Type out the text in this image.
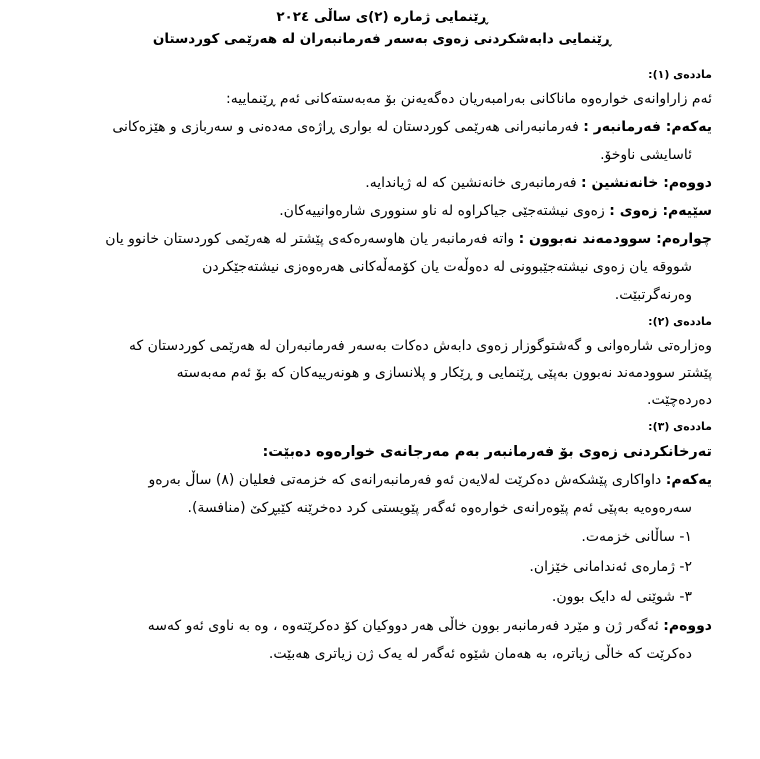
ڕێنمایی ژمارە (٢)ی ساڵی ٢٠٢٤
ڕێنمایی دابەشکردنی زەوی بەسەر فەرمانبەران لە هەرێمی کوردستان
ماددەی (١):
ئەم زاراوانەی خوارەوە ماناکانی بەرامبەریان دەگەیەنن بۆ مەبەستەکانی ئەم ڕێنماییە:
یەکەم: فەرمانبەر : فەرمانبەرانی هەرێمی کوردستان لە بواری ڕاژەی مەدەنی و سەربازی و هێزەکانی
ئاسایشی ناوخۆ.
دووەم: خانەنشین : فەرمانبەری خانەنشین کە لە ژیاندایە.
سێیەم: زەوی : زەوی نیشتەجێی جیاکراوە لە ناو سنووری شارەوانییەکان.
چوارەم: سوودمەند نەبوون : واتە فەرمانبەر یان هاوسەرەکەی پێشتر لە هەرێمی کوردستان خانوو یان
شووقە یان زەوی نیشتەجێبوونی لە دەوڵەت یان کۆمەڵەکانی هەرەوەزی نیشتەجێکردن
وەرنەگرتبێت.
ماددەی (٢):
وەزارەتی شارەوانی و گەشتوگوزار زەوی دابەش دەکات بەسەر فەرمانبەران لە هەرێمی کوردستان کە
پێشتر سوودمەند نەبوون بەپێی ڕێنمایی و ڕێکار و پلانسازی و هونەرییەکان کە بۆ ئەم مەبەستە
دەردەچێت.
ماددەی (٣):
تەرخانکردنی زەوی بۆ فەرمانبەر بەم مەرجانەی خوارەوە دەبێت:
یەکەم: داواکاری پێشکەش دەکرێت لەلایەن ئەو فەرمانبەرانەی کە خزمەتی فعلیان (٨) ساڵ بەرەو
سەرەوەیە بەپێی ئەم پێوەرانەی خوارەوە ئەگەر پێویستی کرد دەخرێنە کێبڕکێ (منافسة).
١- ساڵانی خزمەت.
٢- ژمارەی ئەندامانی خێزان.
٣- شوێنی لە دایک بوون.
دووەم: ئەگەر ژن و مێرد فەرمانبەر بوون خاڵی هەر دووکیان کۆ دەکرێتەوە ، وە بە ناوی ئەو کەسە
دەکرێت کە خاڵی زیاترە، بە هەمان شێوە ئەگەر لە یەک ژن زیاتری هەبێت.
